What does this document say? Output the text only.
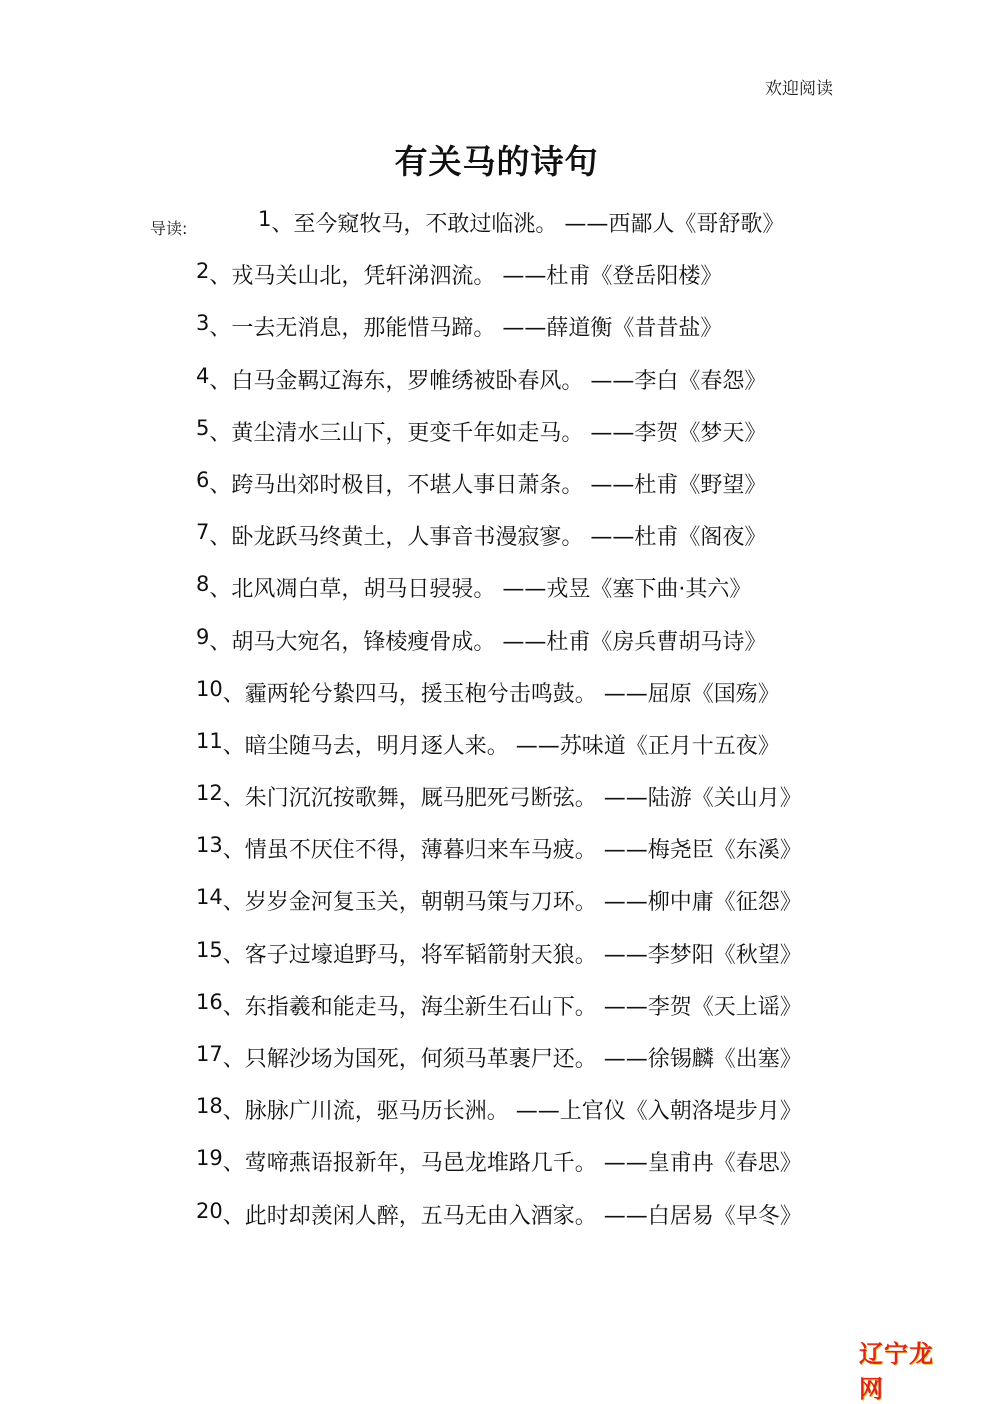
欢迎阅读
有关马的诗句
导读:	1、至今窥牧马，不敢过临洮。 ——西鄙人《哥舒歌》
2、戎马关山北，凭轩涕泗流。 ——杜甫《登岳阳楼》
3、一去无消息，那能惜马蹄。 ——薛道衡《昔昔盐》
4、白马金羁辽海东，罗帷绣被卧春风。 ——李白《春怨》
5、黄尘清水三山下，更变千年如走马。 ——李贺《梦天》
6、跨马出郊时极目，不堪人事日萧条。 ——杜甫《野望》
7、卧龙跃马终黄土，人事音书漫寂寥。 ——杜甫《阁夜》
8、北风凋白草，胡马日骎骎。 ——戎昱《塞下曲·其六》
9、胡马大宛名，锋棱瘦骨成。 ——杜甫《房兵曹胡马诗》
10、霾两轮兮絷四马，援玉枹兮击鸣鼓。 ——屈原《国殇》
11、暗尘随马去，明月逐人来。 ——苏味道《正月十五夜》
12、朱门沉沉按歌舞，厩马肥死弓断弦。 ——陆游《关山月》
13、情虽不厌住不得，薄暮归来车马疲。 ——梅尧臣《东溪》
14、岁岁金河复玉关，朝朝马策与刀环。 ——柳中庸《征怨》
15、客子过壕追野马，将军韬箭射天狼。 ——李梦阳《秋望》
16、东指羲和能走马，海尘新生石山下。 ——李贺《天上谣》
17、只解沙场为国死，何须马革裹尸还。 ——徐锡麟《出塞》
18、脉脉广川流，驱马历长洲。 ——上官仪《入朝洛堤步月》
19、莺啼燕语报新年，马邑龙堆路几千。 ——皇甫冉《春思》
20、此时却羡闲人醉，五马无由入酒家。 ——白居易《早冬》
辽宁龙网
